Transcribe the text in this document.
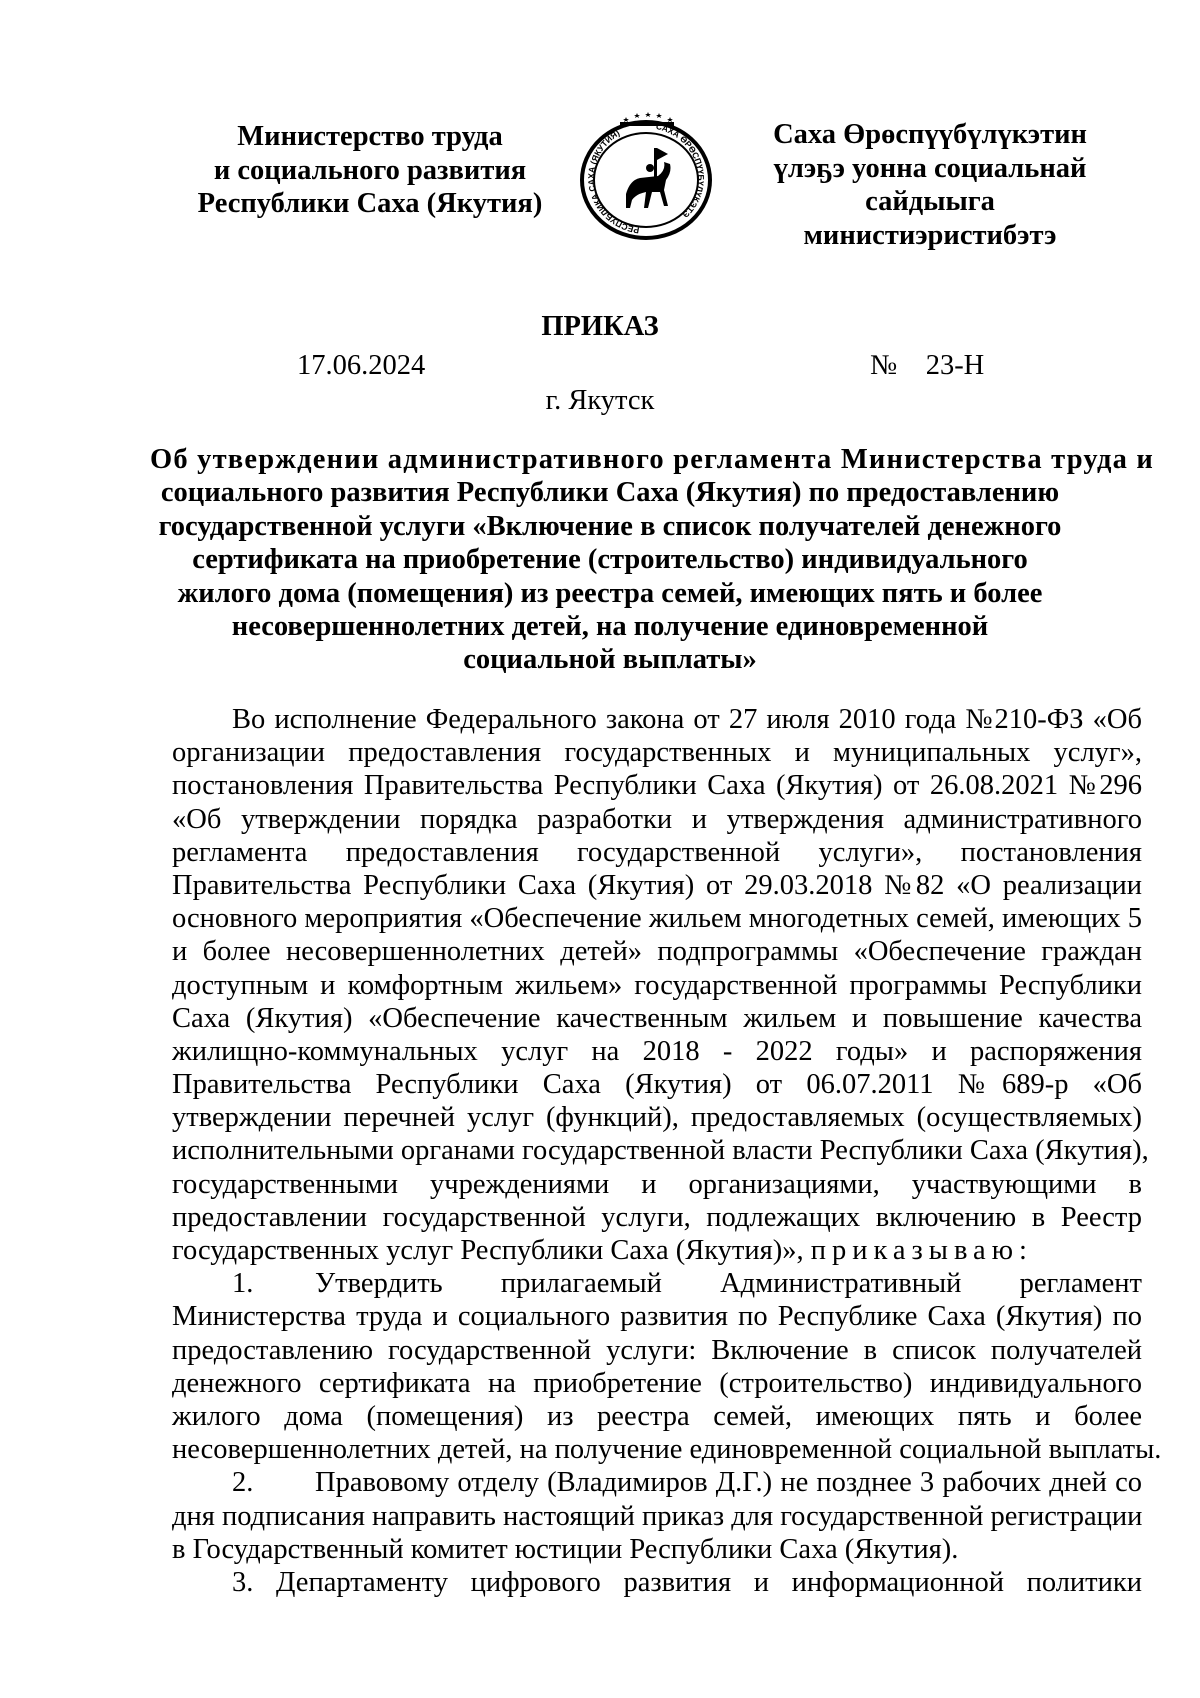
Министерство труда
и социального развития
Республики Саха (Якутия)
РЕСПУБЛИКА САХА (ЯКУТИЯ)
САХА ӨРӨСПҮҮБҮЛҮКЭТЭ
Саха Өрөспүүбүлүкэтин
үлэҕэ уонна социальнай
сайдыыга
министиэристибэтэ
ПРИКАЗ
17.06.2024	№    23-Н
г. Якутск
Об утверждении административного регламента Министерства труда и
социального развития Республики Саха (Якутия) по предоставлению
государственной услуги «Включение в список получателей денежного
сертификата на приобретение (строительство) индивидуального
жилого дома (помещения) из реестра семей, имеющих пять и более
несовершеннолетних детей, на получение единовременной
социальной выплаты»
Во исполнение Федерального закона от 27 июля 2010 года №210-ФЗ «Об
организации предоставления государственных и муниципальных услуг»,
постановления Правительства Республики Саха (Якутия) от 26.08.2021 №296
«Об утверждении порядка разработки и утверждения административного
регламента предоставления государственной услуги», постановления
Правительства Республики Саха (Якутия) от 29.03.2018 №82 «О реализации
основного мероприятия «Обеспечение жильем многодетных семей, имеющих 5
и более несовершеннолетних детей» подпрограммы «Обеспечение граждан
доступным и комфортным жильем» государственной программы Республики
Саха (Якутия) «Обеспечение качественным жильем и повышение качества
жилищно-коммунальных услуг на 2018 - 2022 годы» и распоряжения
Правительства Республики Саха (Якутия) от 06.07.2011 №689-р «Об
утверждении перечней услуг (функций), предоставляемых (осуществляемых)
исполнительными органами государственной власти Республики Саха (Якутия),
государственными учреждениями и организациями, участвующими в
предоставлении государственной услуги, подлежащих включению в Реестр
государственных услуг Республики Саха (Якутия)», приказываю:
1. Утвердить прилагаемый Административный регламент
Министерства труда и социального развития по Республике Саха (Якутия) по
предоставлению государственной услуги: Включение в список получателей
денежного сертификата на приобретение (строительство) индивидуального
жилого дома (помещения) из реестра семей, имеющих пять и более
несовершеннолетних детей, на получение единовременной социальной выплаты.
2. Правовому отделу (Владимиров Д.Г.) не позднее 3 рабочих дней со
дня подписания направить настоящий приказ для государственной регистрации
в Государственный комитет юстиции Республики Саха (Якутия).
3. Департаменту цифрового развития и информационной политики
